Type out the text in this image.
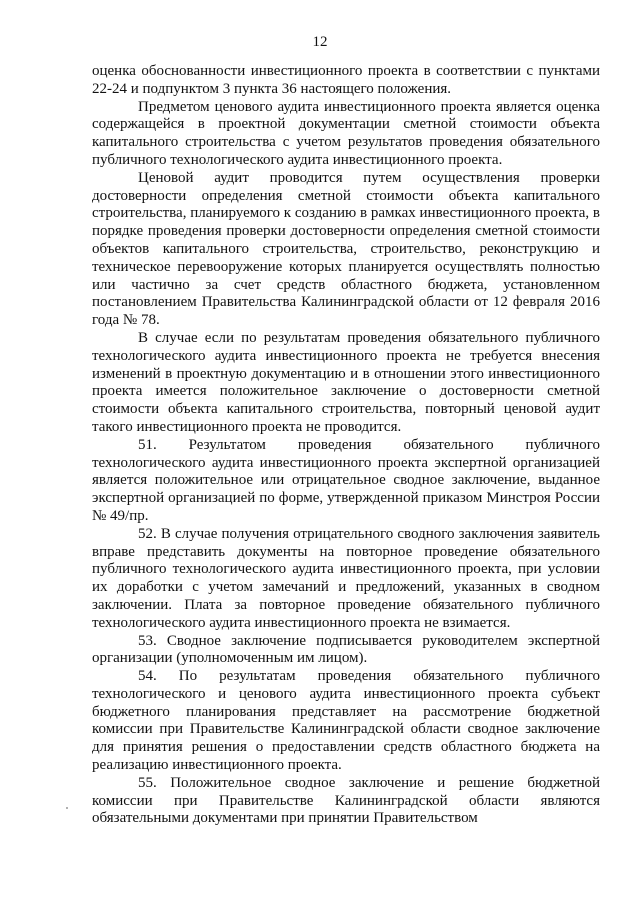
12

оценка обоснованности инвестиционного проекта в соответствии с пунктами 22-24 и подпунктом 3 пункта 36 настоящего положения.

Предметом ценового аудита инвестиционного проекта является оценка содержащейся в проектной документации сметной стоимости объекта капитального строительства с учетом результатов проведения обязательного публичного технологического аудита инвестиционного проекта.

Ценовой аудит проводится путем осуществления проверки достоверности определения сметной стоимости объекта капитального строительства, планируемого к созданию в рамках инвестиционного проекта, в порядке проведения проверки достоверности определения сметной стоимости объектов капитального строительства, строительство, реконструкцию и техническое перевооружение которых планируется осуществлять полностью или частично за счет средств областного бюджета, установленном постановлением Правительства Калининградской области от 12 февраля 2016 года № 78.

В случае если по результатам проведения обязательного публичного технологического аудита инвестиционного проекта не требуется внесения изменений в проектную документацию и в отношении этого инвестиционного проекта имеется положительное заключение о достоверности сметной стоимости объекта капитального строительства, повторный ценовой аудит такого инвестиционного проекта не проводится.

51. Результатом проведения обязательного публичного технологического аудита инвестиционного проекта экспертной организацией является положительное или отрицательное сводное заключение, выданное экспертной организацией по форме, утвержденной приказом Минстроя России № 49/пр.

52. В случае получения отрицательного сводного заключения заявитель вправе представить документы на повторное проведение обязательного публичного технологического аудита инвестиционного проекта, при условии их доработки с учетом замечаний и предложений, указанных в сводном заключении. Плата за повторное проведение обязательного публичного технологического аудита инвестиционного проекта не взимается.

53. Сводное заключение подписывается руководителем экспертной организации (уполномоченным им лицом).

54. По результатам проведения обязательного публичного технологического и ценового аудита инвестиционного проекта субъект бюджетного планирования представляет на рассмотрение бюджетной комиссии при Правительстве Калининградской области сводное заключение для принятия решения о предоставлении средств областного бюджета на реализацию инвестиционного проекта.

55. Положительное сводное заключение и решение бюджетной комиссии при Правительстве Калининградской области являются обязательными документами при принятии Правительством
